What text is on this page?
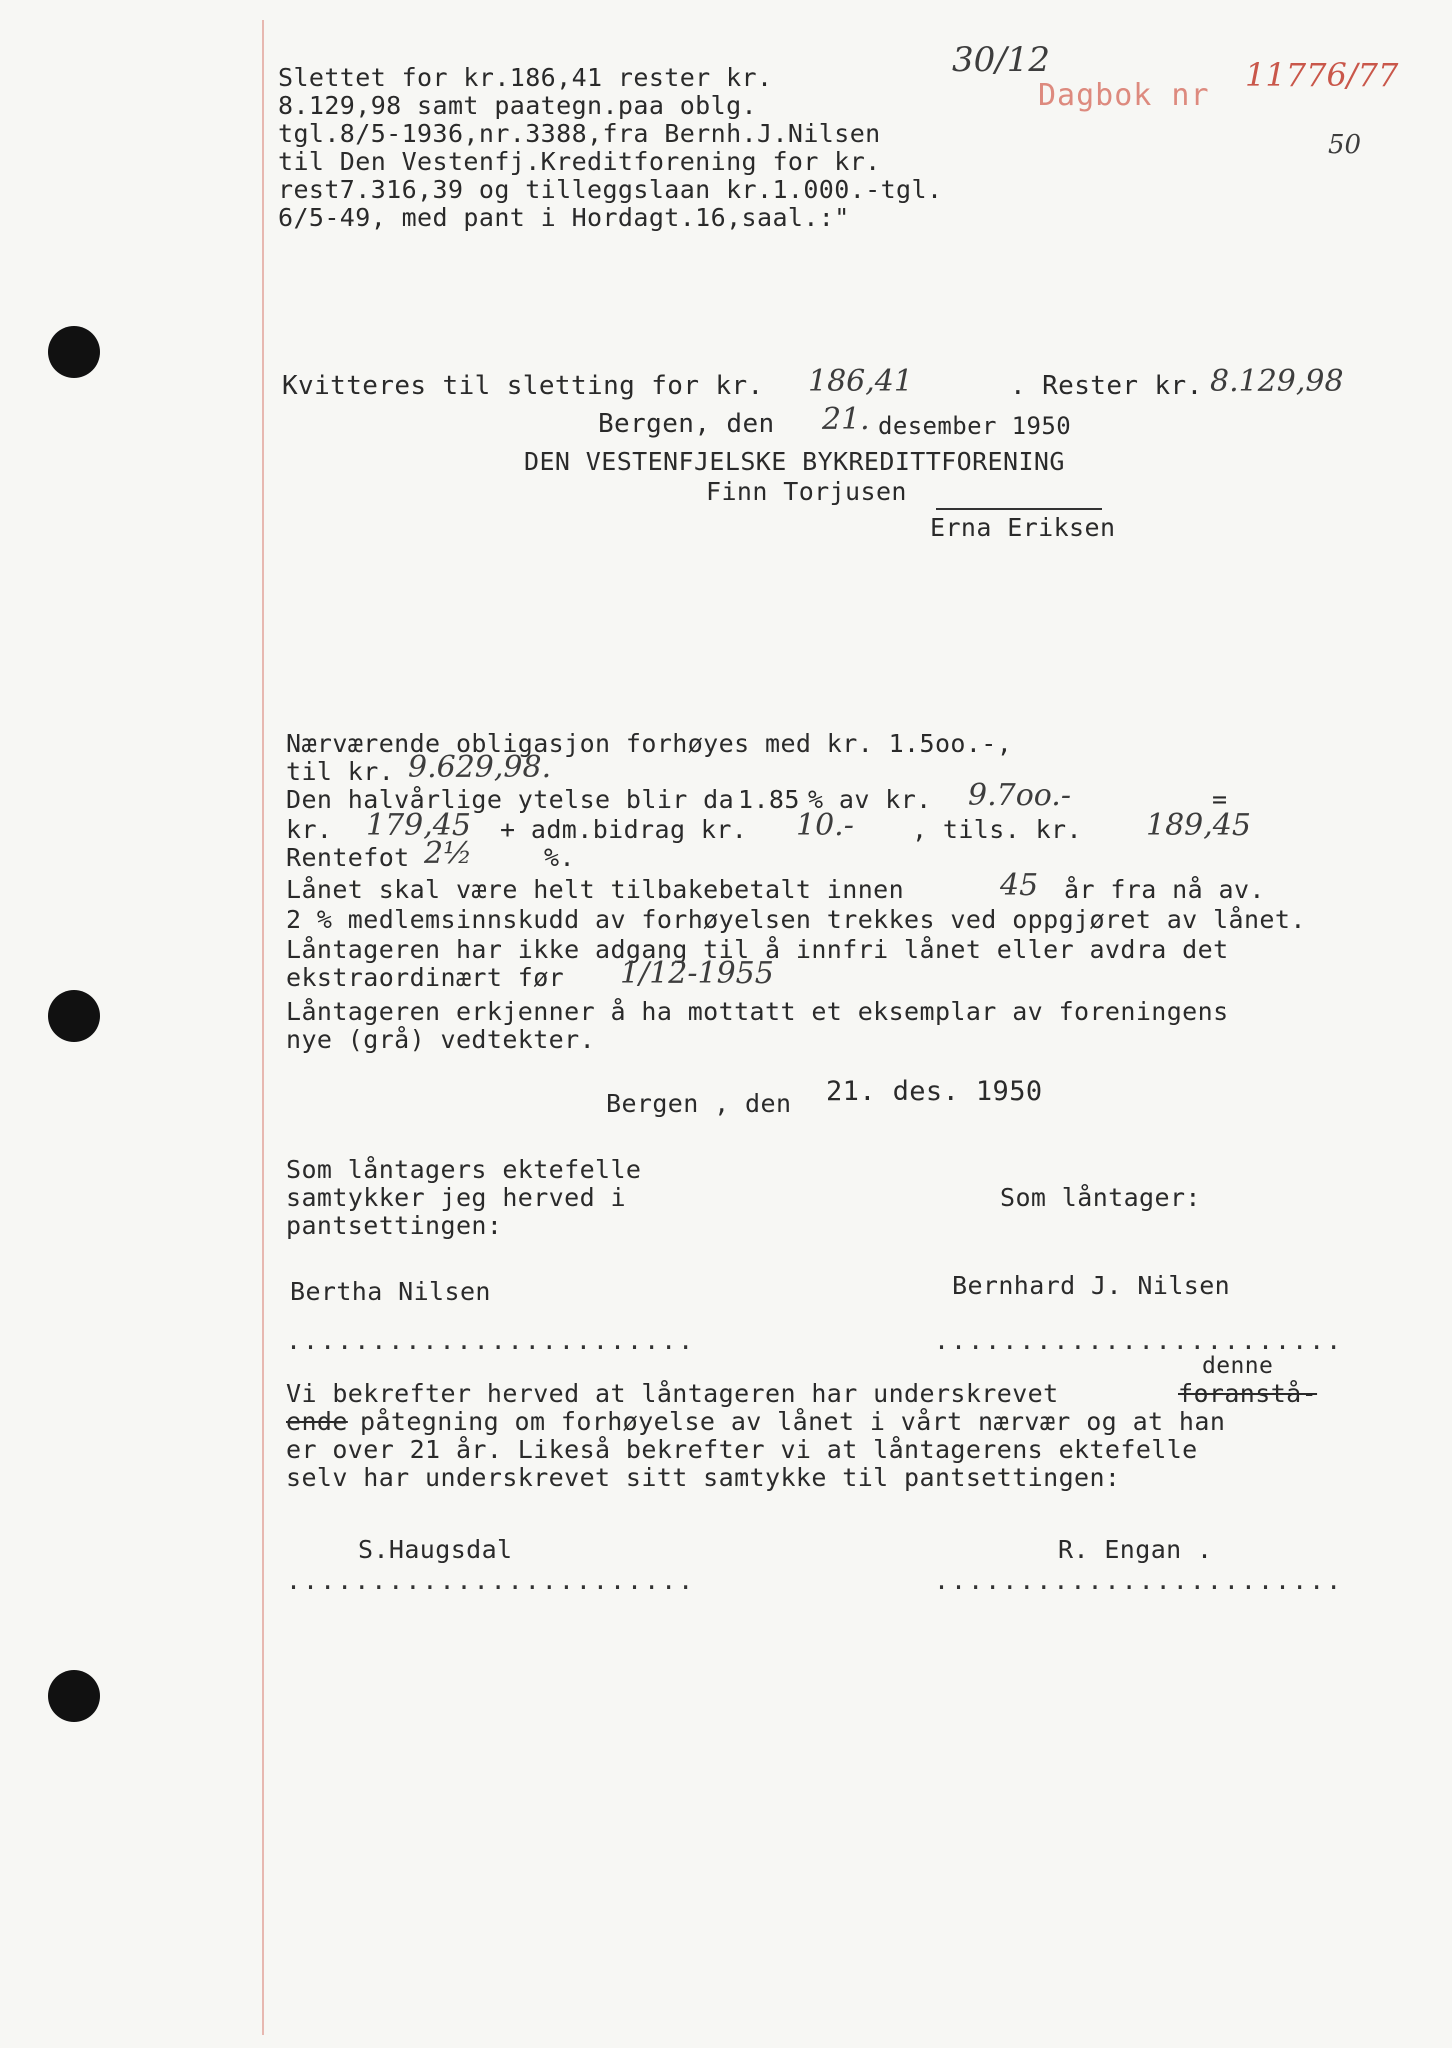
30/12
Dagbok nr
11776/77
50
Slettet for kr.186,41 rester kr.
8.129,98 samt paategn.paa oblg.
tgl.8/5-1936,nr.3388,fra Bernh.J.Nilsen
til Den Vestenfj.Kreditforening for kr.
rest7.316,39 og tilleggslaan kr.1.000.-tgl.
6/5-49, med pant i Hordagt.16,saal.:"
Kvitteres til sletting for kr. 186,41	. Rester kr. 8.129,98
Bergen, den 21. desember 1950
DEN VESTENFJELSKE BYKREDITTFORENING
Finn Torjusen
Erna Eriksen
Nærværende obligasjon forhøyes med kr. 1.5oo.-,
til kr. 9.629,98.
Den halvårlige ytelse blir da 1.85 % av kr. 9.7oo.-	=
kr. 179,45 + adm.bidrag kr. 10.- , tils. kr. 189,45
Rentefot 2½	%.
Lånet skal være helt tilbakebetalt innen	45 år fra nå av.
2 % medlemsinnskudd av forhøyelsen trekkes ved oppgjøret av lånet.
Låntageren har ikke adgang til å innfri lånet eller avdra det
ekstraordinært før 1/12-1955
Låntageren erkjenner å ha mottatt et eksemplar av foreningens
nye (grå) vedtekter.
Bergen , den 21. des. 1950
Som låntagers ektefelle
samtykker jeg herved i
pantsettingen:
Som låntager:
Bertha Nilsen	Bernhard J. Nilsen
........................	........................
denne
Vi bekrefter herved at låntageren har underskrevet	foranstå-
ende påtegning om forhøyelse av lånet i vårt nærvær og at han
er over 21 år. Likeså bekrefter vi at låntagerens ektefelle
selv har underskrevet sitt samtykke til pantsettingen:
S.Haugsdal	R. Engan .
........................	........................
